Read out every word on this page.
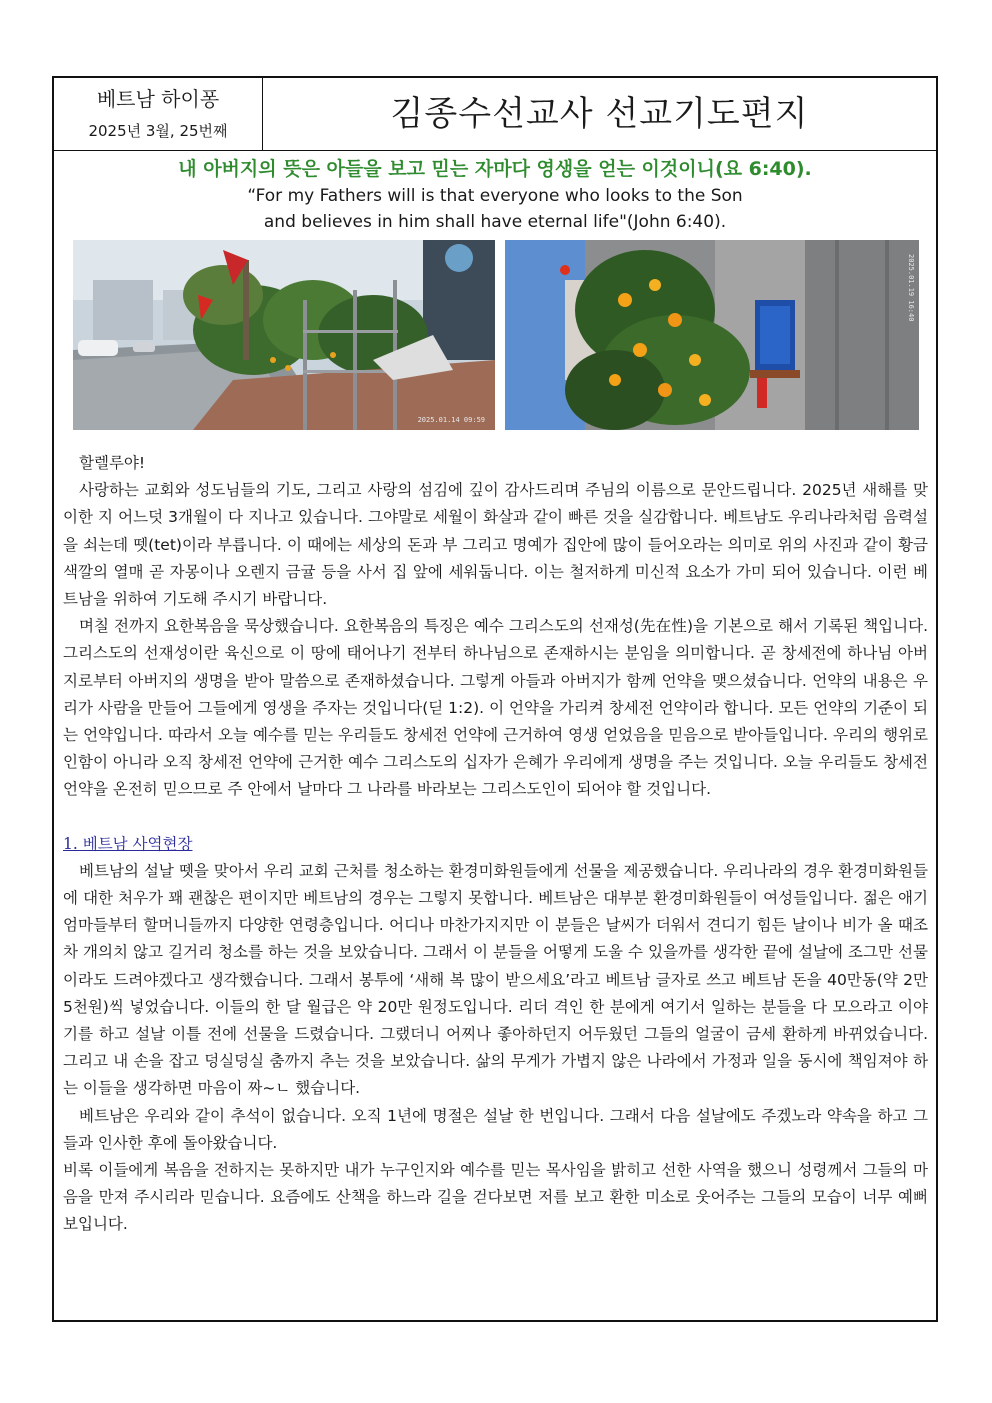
베트남 하이퐁
2025년 3월, 25번째	김종수선교사 선교기도편지
내 아버지의 뜻은 아들을 보고 믿는 자마다 영생을 얻는 이것이니(요 6:40).
“For my Fathers will is that everyone who looks to the Son
and believes in him shall have eternal life"(John 6:40).
2025.01.14 09:59
2025.01.19 16:40

할렐루야!

사랑하는 교회와 성도님들의 기도, 그리고 사랑의 섬김에 깊이 감사드리며 주님의 이름으로 문안드립니다. 2025년 새해를 맞이한 지 어느덧 3개월이 다 지나고 있습니다. 그야말로 세월이 화살과 같이 빠른 것을 실감합니다. 베트남도 우리나라처럼 음력설을 쇠는데 뗏(tet)이라 부릅니다. 이 때에는 세상의 돈과 부 그리고 명예가 집안에 많이 들어오라는 의미로 위의 사진과 같이 황금 색깔의 열매 곧 자몽이나 오렌지 금귤 등을 사서 집 앞에 세워둡니다. 이는 철저하게 미신적 요소가 가미 되어 있습니다. 이런 베트남을 위하여 기도해 주시기 바랍니다.

며칠 전까지 요한복음을 묵상했습니다. 요한복음의 특징은 예수 그리스도의 선재성(先在性)을 기본으로 해서 기록된 책입니다. 그리스도의 선재성이란 육신으로 이 땅에 태어나기 전부터 하나님으로 존재하시는 분임을 의미합니다. 곧 창세전에 하나님 아버지로부터 아버지의 생명을 받아 말씀으로 존재하셨습니다. 그렇게 아들과 아버지가 함께 언약을 맺으셨습니다. 언약의 내용은 우리가 사람을 만들어 그들에게 영생을 주자는 것입니다(딛 1:2). 이 언약을 가리켜 창세전 언약이라 합니다. 모든 언약의 기준이 되는 언약입니다. 따라서 오늘 예수를 믿는 우리들도 창세전 언약에 근거하여 영생 얻었음을 믿음으로 받아들입니다. 우리의 행위로 인함이 아니라 오직 창세전 언약에 근거한 예수 그리스도의 십자가 은혜가 우리에게 생명을 주는 것입니다. 오늘 우리들도 창세전 언약을 온전히 믿으므로 주 안에서 날마다 그 나라를 바라보는 그리스도인이 되어야 할 것입니다.

1. 베트남 사역현장

베트남의 설날 뗏을 맞아서 우리 교회 근처를 청소하는 환경미화원들에게 선물을 제공했습니다. 우리나라의 경우 환경미화원들에 대한 처우가 꽤 괜찮은 편이지만 베트남의 경우는 그렇지 못합니다. 베트남은 대부분 환경미화원들이 여성들입니다. 젊은 애기 엄마들부터 할머니들까지 다양한 연령층입니다. 어디나 마찬가지지만 이 분들은 날씨가 더워서 견디기 힘든 날이나 비가 올 때조차 개의치 않고 길거리 청소를 하는 것을 보았습니다. 그래서 이 분들을 어떻게 도울 수 있을까를 생각한 끝에 설날에 조그만 선물이라도 드려야겠다고 생각했습니다. 그래서 봉투에 ‘새해 복 많이 받으세요’라고 베트남 글자로 쓰고 베트남 돈을 40만동(약 2만5천원)씩 넣었습니다. 이들의 한 달 월급은 약 20만 원정도입니다. 리더 격인 한 분에게 여기서 일하는 분들을 다 모으라고 이야기를 하고 설날 이틀 전에 선물을 드렸습니다. 그랬더니 어찌나 좋아하던지 어두웠던 그들의 얼굴이 금세 환하게 바뀌었습니다. 그리고 내 손을 잡고 덩실덩실 춤까지 추는 것을 보았습니다. 삶의 무게가 가볍지 않은 나라에서 가정과 일을 동시에 책임져야 하는 이들을 생각하면 마음이 짜~ㄴ 했습니다.

베트남은 우리와 같이 추석이 없습니다. 오직 1년에 명절은 설날 한 번입니다. 그래서 다음 설날에도 주겠노라 약속을 하고 그들과 인사한 후에 돌아왔습니다.

비록 이들에게 복음을 전하지는 못하지만 내가 누구인지와 예수를 믿는 목사임을 밝히고 선한 사역을 했으니 성령께서 그들의 마음을 만져 주시리라 믿습니다. 요즘에도 산책을 하느라 길을 걷다보면 저를 보고 환한 미소로 웃어주는 그들의 모습이 너무 예뻐보입니다.
